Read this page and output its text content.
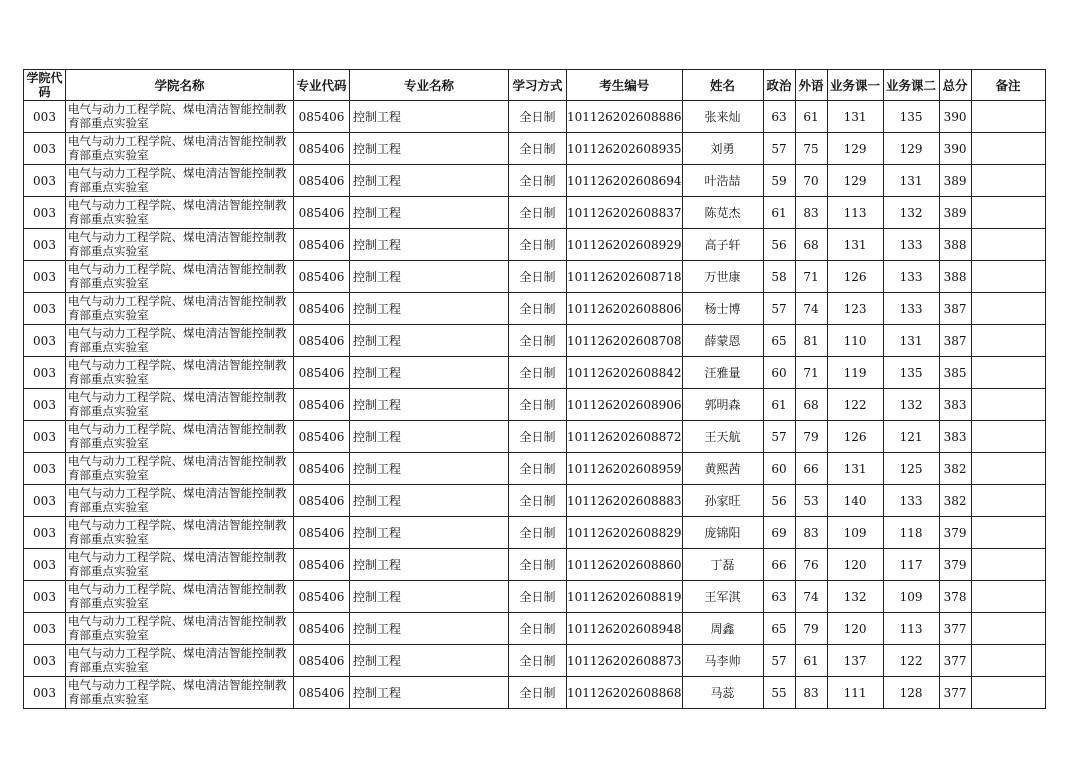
学院代码	学院名称	专业代码	专业名称	学习方式	考生编号	姓名	政治	外语	业务课一	业务课二	总分	备注
003	电气与动力工程学院、煤电清洁智能控制教育部重点实验室	085406	控制工程	全日制	101126202608886	张来灿	63	61	131	135	390	
003	电气与动力工程学院、煤电清洁智能控制教育部重点实验室	085406	控制工程	全日制	101126202608935	刘勇	57	75	129	129	390	
003	电气与动力工程学院、煤电清洁智能控制教育部重点实验室	085406	控制工程	全日制	101126202608694	叶浩喆	59	70	129	131	389	
003	电气与动力工程学院、煤电清洁智能控制教育部重点实验室	085406	控制工程	全日制	101126202608837	陈苋杰	61	83	113	132	389	
003	电气与动力工程学院、煤电清洁智能控制教育部重点实验室	085406	控制工程	全日制	101126202608929	高子轩	56	68	131	133	388	
003	电气与动力工程学院、煤电清洁智能控制教育部重点实验室	085406	控制工程	全日制	101126202608718	万世康	58	71	126	133	388	
003	电气与动力工程学院、煤电清洁智能控制教育部重点实验室	085406	控制工程	全日制	101126202608806	杨士博	57	74	123	133	387	
003	电气与动力工程学院、煤电清洁智能控制教育部重点实验室	085406	控制工程	全日制	101126202608708	薛蒙恩	65	81	110	131	387	
003	电气与动力工程学院、煤电清洁智能控制教育部重点实验室	085406	控制工程	全日制	101126202608842	汪雅量	60	71	119	135	385	
003	电气与动力工程学院、煤电清洁智能控制教育部重点实验室	085406	控制工程	全日制	101126202608906	郭明森	61	68	122	132	383	
003	电气与动力工程学院、煤电清洁智能控制教育部重点实验室	085406	控制工程	全日制	101126202608872	王天航	57	79	126	121	383	
003	电气与动力工程学院、煤电清洁智能控制教育部重点实验室	085406	控制工程	全日制	101126202608959	黄熙茜	60	66	131	125	382	
003	电气与动力工程学院、煤电清洁智能控制教育部重点实验室	085406	控制工程	全日制	101126202608883	孙家旺	56	53	140	133	382	
003	电气与动力工程学院、煤电清洁智能控制教育部重点实验室	085406	控制工程	全日制	101126202608829	庞锦阳	69	83	109	118	379	
003	电气与动力工程学院、煤电清洁智能控制教育部重点实验室	085406	控制工程	全日制	101126202608860	丁磊	66	76	120	117	379	
003	电气与动力工程学院、煤电清洁智能控制教育部重点实验室	085406	控制工程	全日制	101126202608819	王军淇	63	74	132	109	378	
003	电气与动力工程学院、煤电清洁智能控制教育部重点实验室	085406	控制工程	全日制	101126202608948	周鑫	65	79	120	113	377	
003	电气与动力工程学院、煤电清洁智能控制教育部重点实验室	085406	控制工程	全日制	101126202608873	马李帅	57	61	137	122	377	
003	电气与动力工程学院、煤电清洁智能控制教育部重点实验室	085406	控制工程	全日制	101126202608868	马蕊	55	83	111	128	377	
